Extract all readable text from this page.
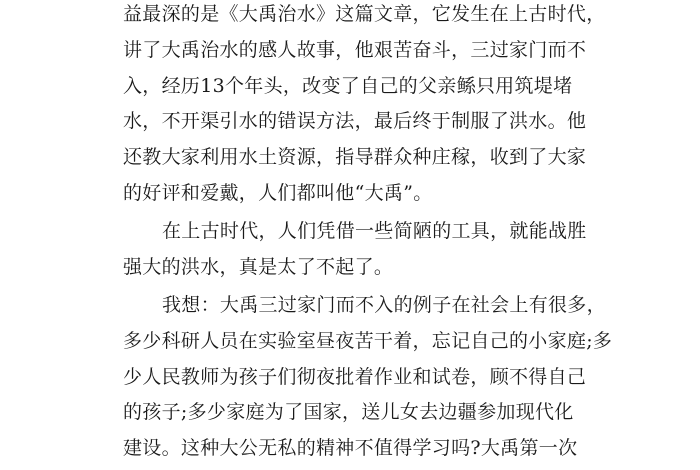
益最深的是《大禹治水》这篇文章，它发生在上古时代，
讲了大禹治水的感人故事，他艰苦奋斗，三过家门而不
入，经历13个年头，改变了自己的父亲鲧只用筑堤堵
水，不开渠引水的错误方法，最后终于制服了洪水。他
还教大家利用水土资源，指导群众种庄稼，收到了大家
的好评和爱戴，人们都叫他“大禹”。
在上古时代，人们凭借一些简陋的工具，就能战胜
强大的洪水，真是太了不起了。
我想：大禹三过家门而不入的例子在社会上有很多，
多少科研人员在实验室昼夜苦干着，忘记自己的小家庭;多
少人民教师为孩子们彻夜批着作业和试卷，顾不得自己
的孩子;多少家庭为了国家，送儿女去边疆参加现代化
建设。这种大公无私的精神不值得学习吗?大禹第一次
